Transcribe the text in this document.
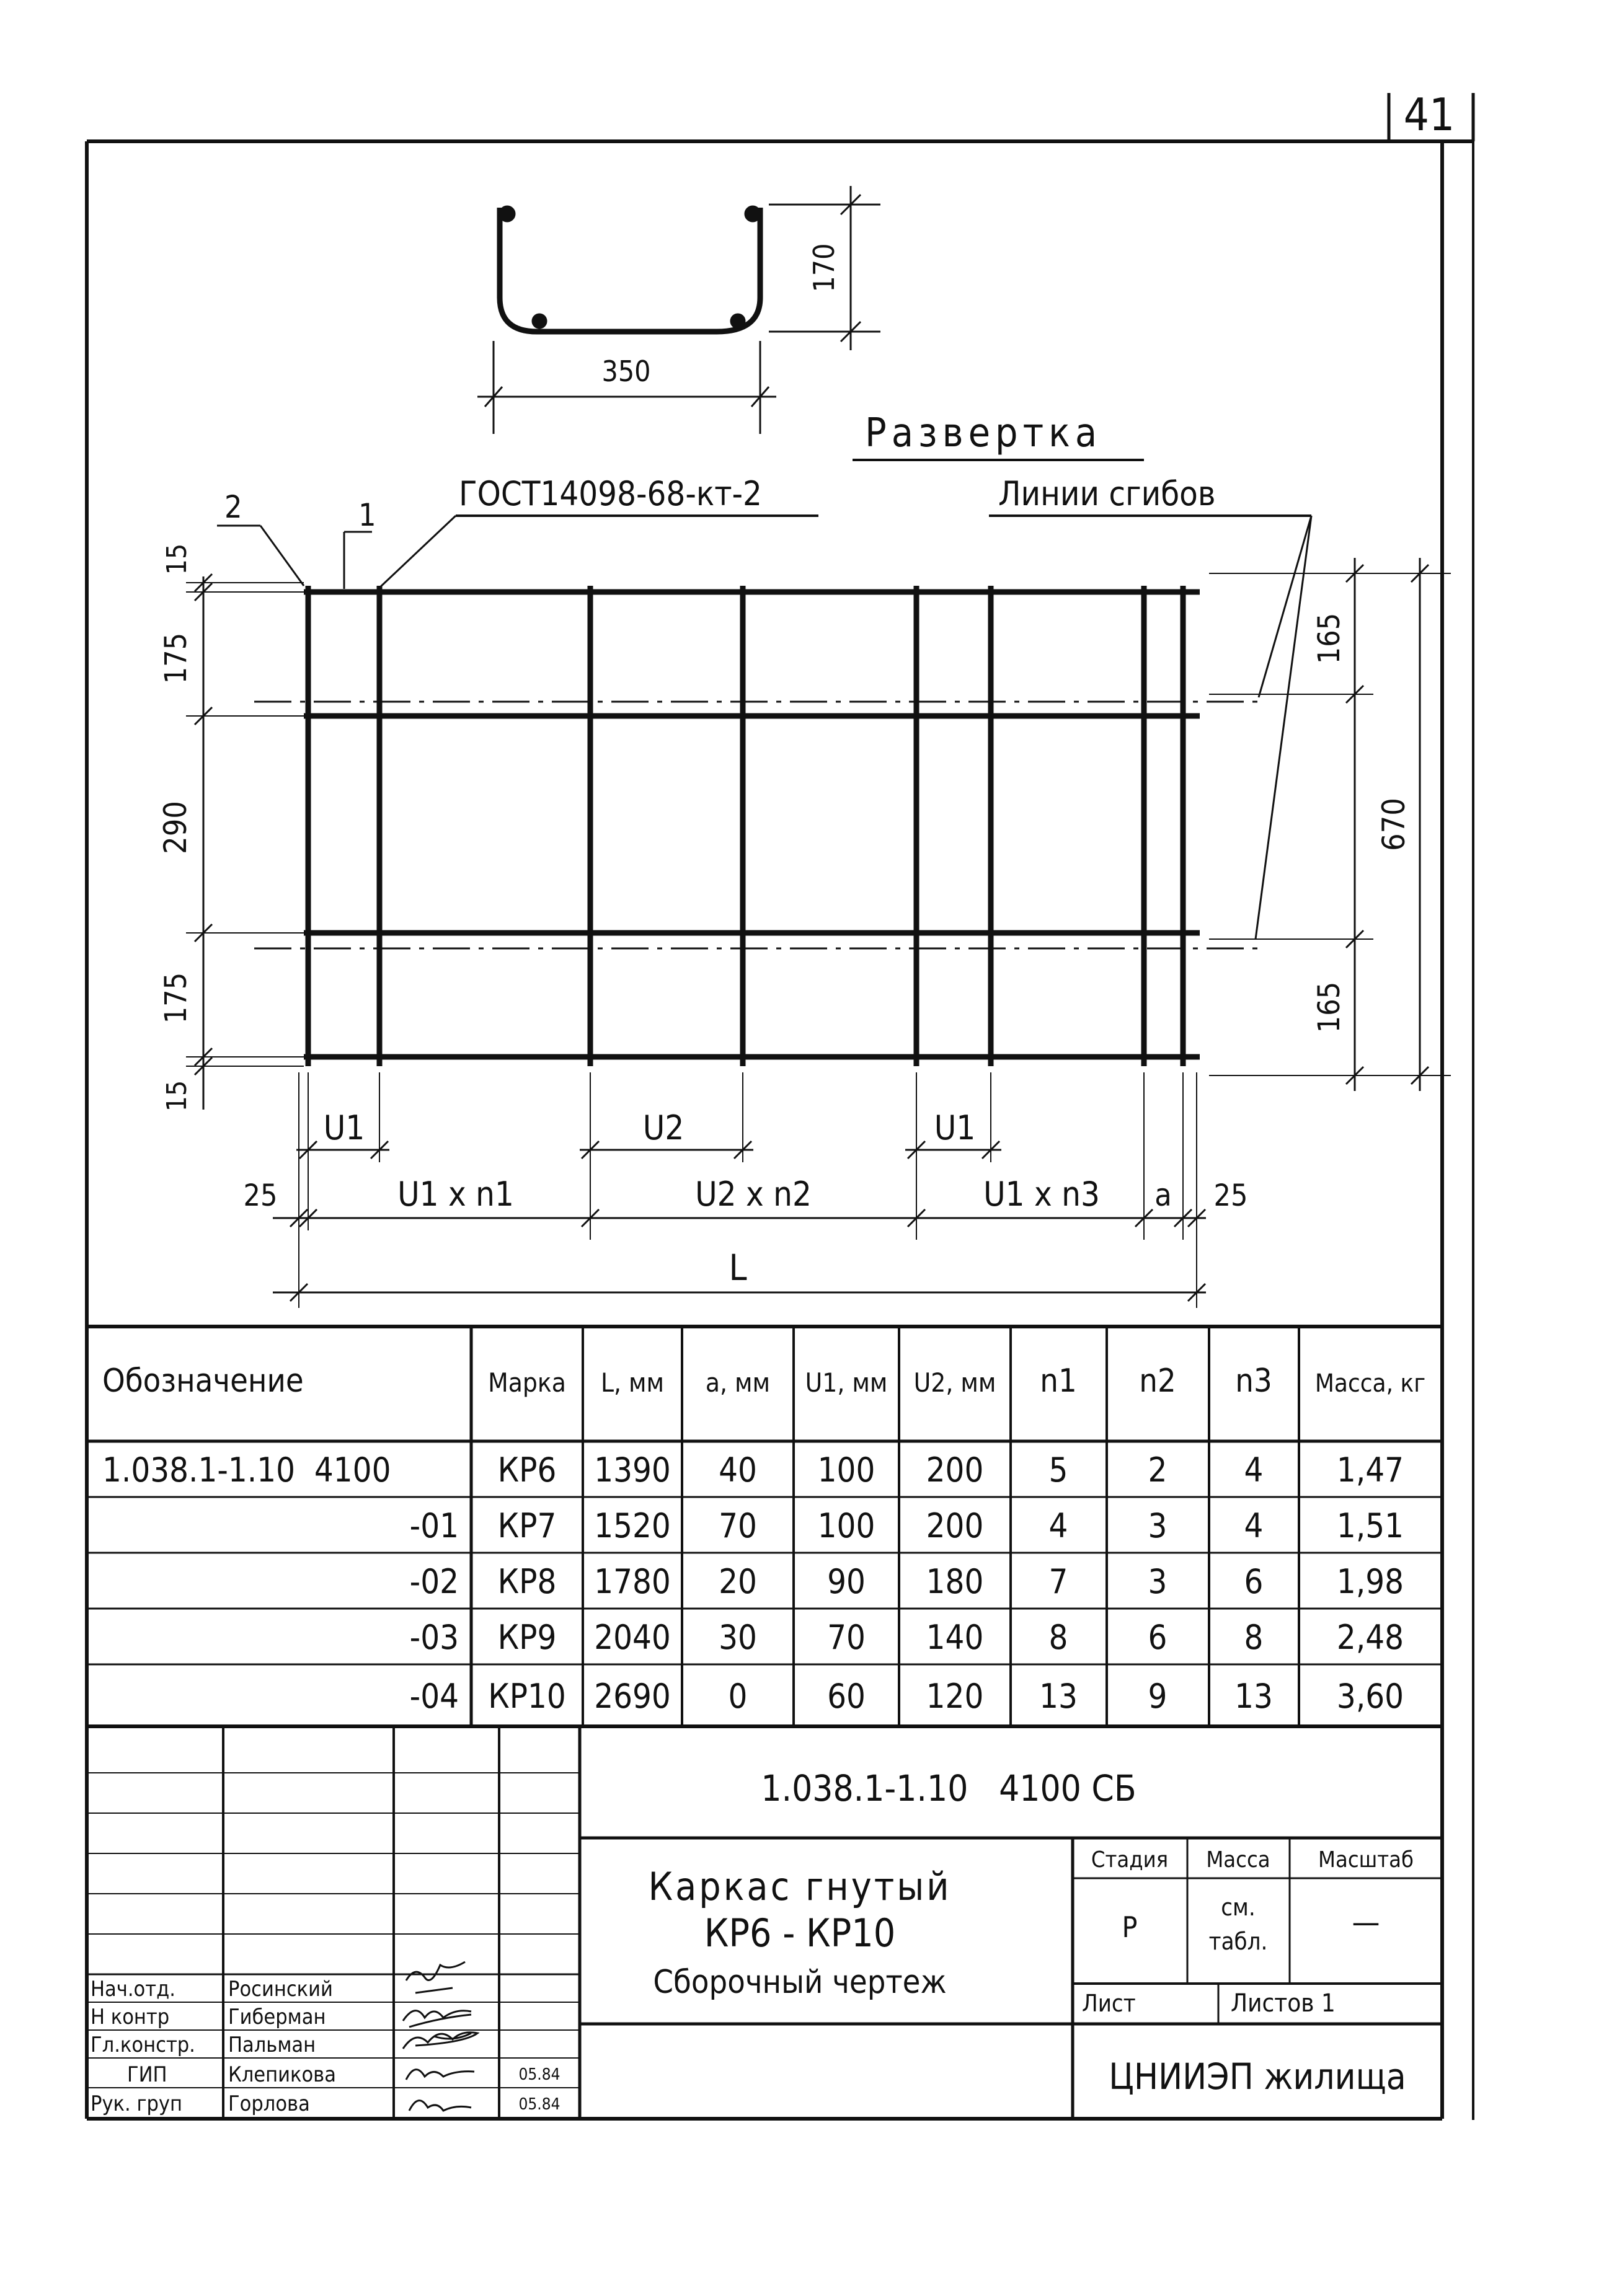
41
350
170
Развертка
ГОСТ14098-68-кт-2	Линии сгибов
2	1
15
175
290
175
15
165
670
165
U1	U2	U1
25	U1 x n1	U2 x n2	U1 x n3 a 25
L
Обозначение	Марка L, мм a, мм U1, мм U2, мм n1 n2 n3 Масса, кг
1.038.1-1.10  4100	КР6 1390 40 100 200 5 2 4 1,47
-01 КР7 1520 70 100 200 4 3 4 1,51
-02 КР8 1780 20 90 180 7 3 6 1,98
-03 КР9 2040 30 70 140 8 6 8 2,48
-04 КР10 2690 0 60 120 13 9 13 3,60
1.038.1-1.10   4100 СБ
Каркас гнутый
КР6 - КР10
Сборочный чертеж
Стадия Масса Масштаб
Р
см.
табл.
—
Лист	Листов 1
ЦНИИЭП жилища
Нач.отд.	Росинский
Н контр	Гиберман
Гл.констр. Пальман
ГИП	Клепикова	05.84
Рук. груп Горлова	05.84
